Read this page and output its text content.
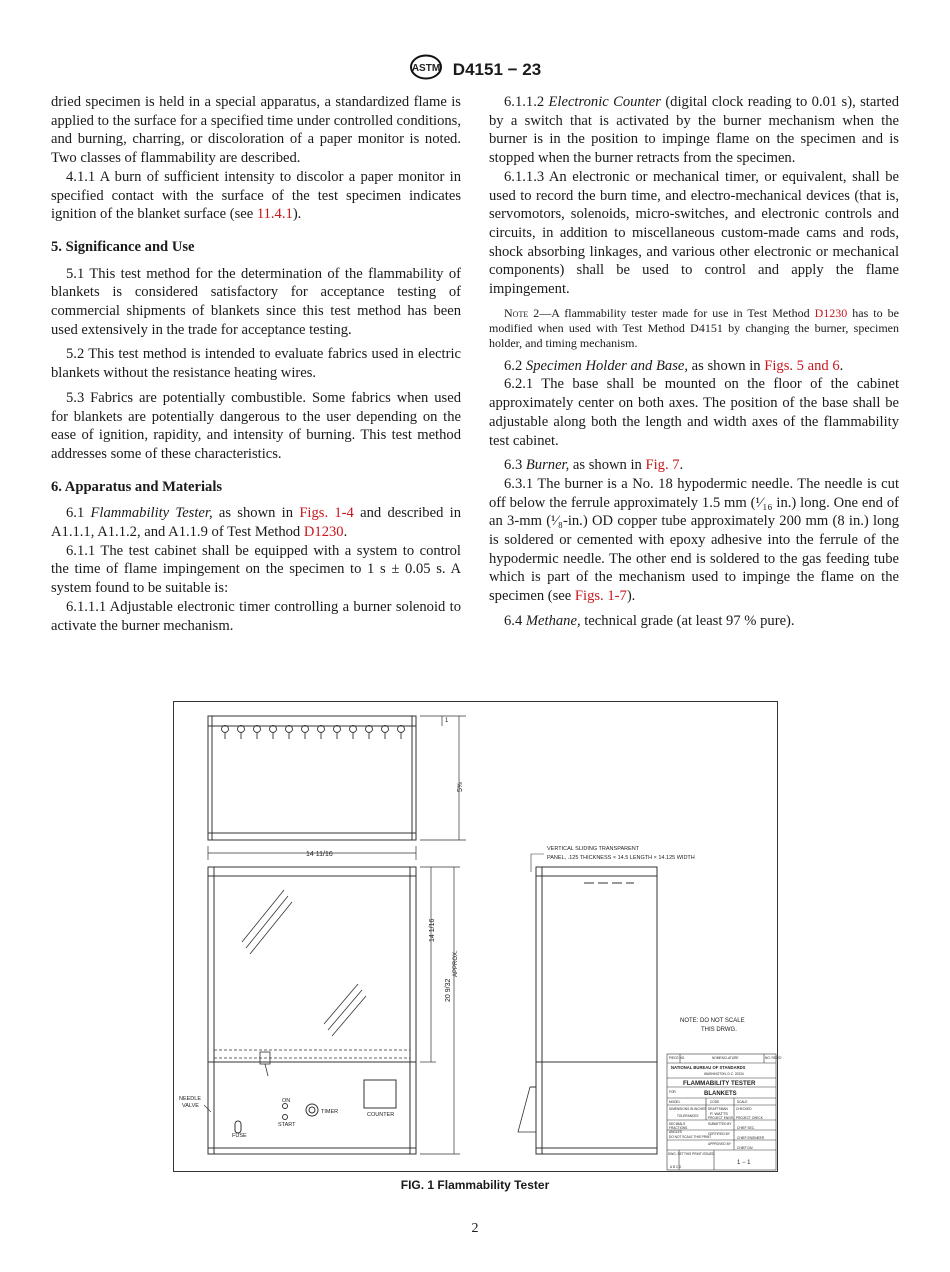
ASTM D4151 − 23

dried specimen is held in a special apparatus, a standardized flame is applied to the surface for a specified time under controlled conditions, and burning, charring, or discoloration of a paper monitor is noted. Two classes of flammability are described.

4.1.1 A burn of sufficient intensity to discolor a paper monitor in specified contact with the surface of the test specimen indicates ignition of the blanket surface (see 11.4.1).

5. Significance and Use

5.1 This test method for the determination of the flammability of blankets is considered satisfactory for acceptance testing of commercial shipments of blankets since this test method has been used extensively in the trade for acceptance testing.

5.2 This test method is intended to evaluate fabrics used in electric blankets without the resistance heating wires.

5.3 Fabrics are potentially combustible. Some fabrics when used for blankets are potentially dangerous to the user depending on the ease of ignition, rapidity, and intensity of burning. This test method addresses some of these characteristics.

6. Apparatus and Materials

6.1 Flammability Tester, as shown in Figs. 1-4 and described in A1.1.1, A1.1.2, and A1.1.9 of Test Method D1230.

6.1.1 The test cabinet shall be equipped with a system to control the time of flame impingement on the specimen to 1 s ± 0.05 s. A system found to be suitable is:

6.1.1.1 Adjustable electronic timer controlling a burner solenoid to activate the burner mechanism.

6.1.1.2 Electronic Counter (digital clock reading to 0.01 s), started by a switch that is activated by the burner mechanism when the burner is in the position to impinge flame on the specimen and is stopped when the burner retracts from the specimen.

6.1.1.3 An electronic or mechanical timer, or equivalent, shall be used to record the burn time, and electro-mechanical devices (that is, servomotors, solenoids, micro-switches, and electronic controls and circuits, in addition to miscellaneous custom-made cams and rods, shock absorbing linkages, and various other electronic or mechanical components) shall be used to control and apply the flame impingement.

Note 2—A flammability tester made for use in Test Method D1230 has to be modified when used with Test Method D4151 by changing the burner, specimen holder, and timing mechanism.

6.2 Specimen Holder and Base, as shown in Figs. 5 and 6.

6.2.1 The base shall be mounted on the floor of the cabinet approximately center on both axes. The position of the base shall be adjustable along both the length and width axes of the flammability test cabinet.

6.3 Burner, as shown in Fig. 7.

6.3.1 The burner is a No. 18 hypodermic needle. The needle is cut off below the ferrule approximately 1.5 mm (¹⁄₁₆ in.) long. One end of an 3-mm (¹⁄₈-in.) OD copper tube approximately 200 mm (8 in.) long is soldered or cemented with epoxy adhesive into the ferrule of the hypodermic needle. The other end is soldered to the gas feeding tube which is part of the mechanism used to impinge the flame on the specimen (see Figs. 1-7).

6.4 Methane, technical grade (at least 97 % pure).

1
5⅝
14 11/16
ON
START
TIMER	COUNTER
FUSE
NEEDLE
VALVE
14 1/16
20 9/32
APPROX.
VERTICAL SLIDING TRANSPARENT
PANEL, .125 THICKNESS × 14.5 LENGTH × 14.125 WIDTH
NOTE: DO NOT SCALE
THIS DRWG.
PIECE NO.	NOMENCLATURE	NO. REQ'D
NATIONAL BUREAU OF STANDARDS
WASHINGTON, D.C. 20234
FLAMMABILITY TESTER
FOR	BLANKETS
MODEL	CODE	SCALE
DIMENSIONS IN INCHES DRAFTSMAN
P. WATTS
CHECKED
TOLERANCES	PROJECT ENGR. PROJECT CHECK
DECIMALS
FRACTIONS
ANGLES
SUBMITTED BY
CHIEF SEC.
DO NOT SCALE THIS PRINT
CERTIFIED BY
CHIEF ENGINEER
APPROVED BY
CHIEF DIV.
DWG. SET THIS PRINT ISSUED
A B C D
1 − 1
FIG. 1 Flammability Tester
2
